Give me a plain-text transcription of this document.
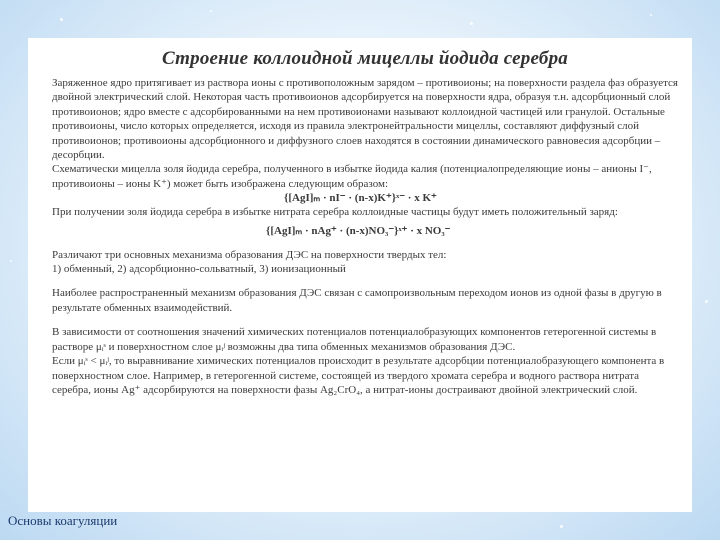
Строение коллоидной мицеллы йодида серебра

Заряженное ядро притягивает из раствора ионы с противоположным зарядом – противоионы; на поверхности раздела фаз образуется двойной электрический слой. Некоторая часть противоионов адсорбируется на поверхности ядра, образуя т.н. адсорбционный слой противоионов; ядро вместе с адсорбированными на нем противоионами называют коллоидной частицей или гранулой. Остальные противоионы, число которых определяется, исходя из правила электронейтральности мицеллы, составляют диффузный слой противоионов; противоионы адсорбционного и диффузного слоев находятся в состоянии динамического равновесия адсорбции – десорбции.

Схематически мицелла золя йодида серебра, полученного в избытке йодида калия (потенциалопределяющие ионы – анионы I⁻, противоионы – ионы K⁺) может быть изображена следующим образом:

{[AgI]ₘ · nI⁻ · (n-x)K⁺}ˣ⁻ · x K⁺

При получении золя йодида серебра в избытке нитрата серебра коллоидные частицы будут иметь положительный заряд:

{[AgI]ₘ · nAg⁺ · (n-x)NO₃⁻}ˣ⁺ · x NO₃⁻

Различают три основных механизма образования ДЭС на поверхности твердых тел:

1) обменный, 2) адсорбционно-сольватный, 3) ионизационный

Наиболее распространенный механизм образования ДЭС связан с самопроизвольным переходом ионов из одной фазы в другую в результате обменных взаимодействий.

В зависимости от соотношения значений химических потенциалов потенциалобразующих компонентов гетерогенной системы в растворе μᵢˢ и поверхностном слое μᵢʲ возможны два типа обменных механизмов образования ДЭС.

Если μᵢˢ < μᵢʲ, то выравнивание химических потенциалов происходит в результате адсорбции потенциалобразующего компонента в поверхностном слое. Например, в гетерогенной системе, состоящей из твердого хромата серебра и водного раствора нитрата серебра, ионы Ag⁺ адсорбируются на поверхности фазы Ag₂CrO₄, а нитрат-ионы достраивают двойной электрический слой.

Основы коагуляции
